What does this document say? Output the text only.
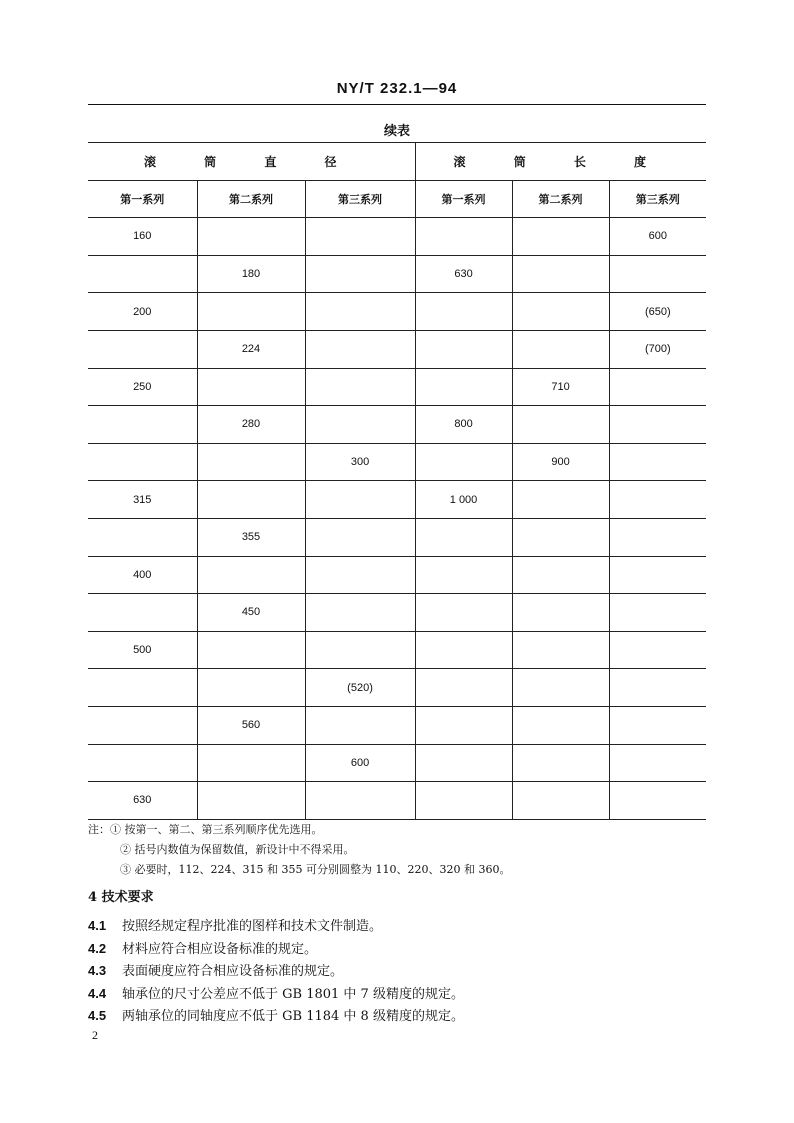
NY/T 232.1—94
续表
滚 筒 直 径			滚 筒 长 度		
第一系列	第二系列	第三系列	第一系列	第二系列	第三系列
160					600
	180		630		
200					(650)
	224				(700)
250				710	
	280		800		
		300		900	
315			1 000		
	355				
400					
	450				
500					
		(520)			
	560				
		600			
630					
注：① 按第一、第二、第三系列顺序优先选用。
② 括号内数值为保留数值，新设计中不得采用。
③ 必要时，112、224、315 和 355 可分别圆整为 110、220、320 和 360。
4 技术要求
4.1 按照经规定程序批准的图样和技术文件制造。
4.2 材料应符合相应设备标准的规定。
4.3 表面硬度应符合相应设备标准的规定。
4.4 轴承位的尺寸公差应不低于 GB 1801 中 7 级精度的规定。
4.5 两轴承位的同轴度应不低于 GB 1184 中 8 级精度的规定。
2
